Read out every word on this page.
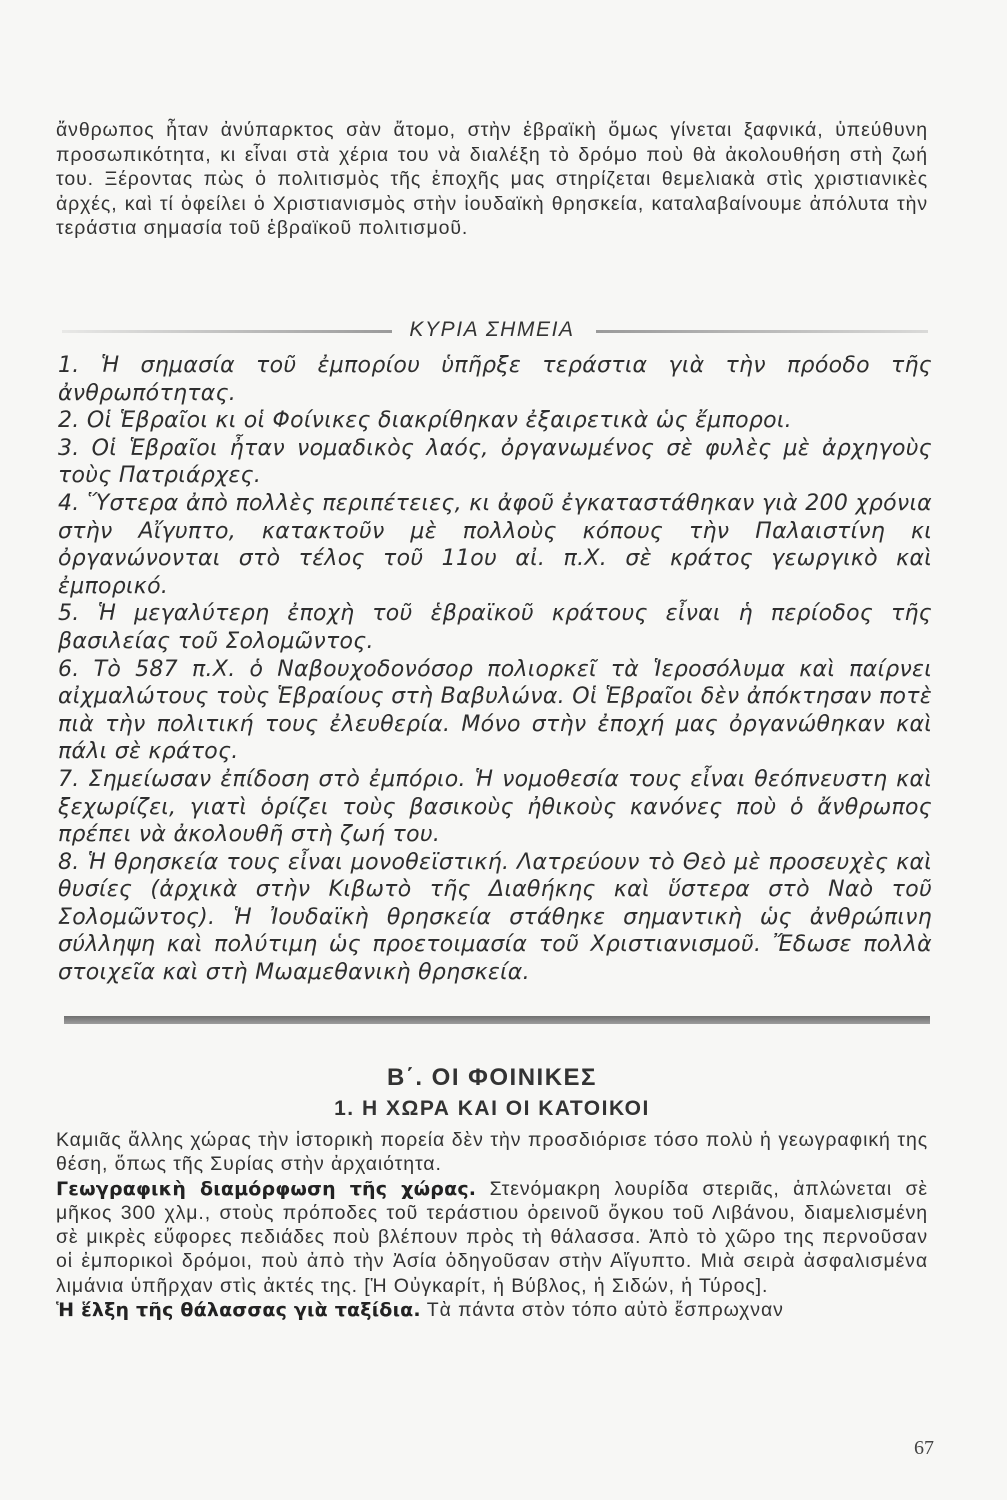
ἄνθρωπος ἦταν ἀνύπαρκτος σὰν ἄτομο, στὴν ἑβραϊκὴ ὅμως γίνεται ξαφνικά, ὑπεύθυνη προσωπικότητα, κι εἶναι στὰ χέρια του νὰ διαλέξη τὸ δρόμο ποὺ θὰ ἀκολουθήση στὴ ζωή του. Ξέροντας πὼς ὁ πολιτισμὸς τῆς ἐποχῆς μας στηρίζεται θεμελιακὰ στὶς χριστιανικὲς ἀρχές, καὶ τί ὀφείλει ὁ Χριστιανισμὸς στὴν ἰουδαϊκὴ θρησκεία, καταλαβαίνουμε ἀπόλυτα τὴν τεράστια σημασία τοῦ ἑβραϊκοῦ πολιτισμοῦ.

ΚΥΡΙΑ ΣΗΜΕΙΑ
1. Ἡ σημασία τοῦ ἐμπορίου ὑπῆρξε τεράστια γιὰ τὴν πρόοδο τῆς ἀνθρωπότητας.
2. Οἱ Ἑβραῖοι κι οἱ Φοίνικες διακρίθηκαν ἐξαιρετικὰ ὡς ἔμποροι.
3. Οἱ Ἑβραῖοι ἦταν νομαδικὸς λαός, ὀργανωμένος σὲ φυλὲς μὲ ἀρχηγοὺς τοὺς Πατριάρχες.
4. Ὕστερα ἀπὸ πολλὲς περιπέτειες, κι ἀφοῦ ἐγκαταστάθηκαν γιὰ 200 χρόνια στὴν Αἴγυπτο, κατακτοῦν μὲ πολλοὺς κόπους τὴν Παλαιστίνη κι ὀργανώνονται στὸ τέλος τοῦ 11ου αἰ. π.Χ. σὲ κράτος γεωργικὸ καὶ ἐμπορικό.
5. Ἡ μεγαλύτερη ἐποχὴ τοῦ ἑβραϊκοῦ κράτους εἶναι ἡ περίοδος τῆς βασιλείας τοῦ Σολομῶντος.
6. Τὸ 587 π.Χ. ὁ Ναβουχοδονόσορ πολιορκεῖ τὰ Ἱεροσόλυμα καὶ παίρνει αἰχμαλώτους τοὺς Ἑβραίους στὴ Βαβυλώνα. Οἱ Ἑβραῖοι δὲν ἀπόκτησαν ποτὲ πιὰ τὴν πολιτική τους ἐλευθερία. Μόνο στὴν ἐποχή μας ὀργανώθηκαν καὶ πάλι σὲ κράτος.
7. Σημείωσαν ἐπίδοση στὸ ἐμπόριο. Ἡ νομοθεσία τους εἶναι θεόπνευστη καὶ ξεχωρίζει, γιατὶ ὁρίζει τοὺς βασικοὺς ἠθικοὺς κανόνες ποὺ ὁ ἄνθρωπος πρέπει νὰ ἀκολουθῆ στὴ ζωή του.
8. Ἡ θρησκεία τους εἶναι μονοθεϊστική. Λατρεύουν τὸ Θεὸ μὲ προσευχὲς καὶ θυσίες (ἀρχικὰ στὴν Κιβωτὸ τῆς Διαθήκης καὶ ὕστερα στὸ Ναὸ τοῦ Σολομῶντος). Ἡ Ἰουδαϊκὴ θρησκεία στάθηκε σημαντικὴ ὡς ἀνθρώπινη σύλληψη καὶ πολύτιμη ὡς προετοιμασία τοῦ Χριστιανισμοῦ. Ἔδωσε πολλὰ στοιχεῖα καὶ στὴ Μωαμεθανικὴ θρησκεία.
Β΄. ΟΙ ΦΟΙΝΙΚΕΣ
1. Η ΧΩΡΑ ΚΑΙ ΟΙ ΚΑΤΟΙΚΟΙ
Καμιᾶς ἄλλης χώρας τὴν ἱστορικὴ πορεία δὲν τὴν προσδιόρισε τόσο πολὺ ἡ γεωγραφική της θέση, ὅπως τῆς Συρίας στὴν ἀρχαιότητα.
Γεωγραφικὴ διαμόρφωση τῆς χώρας. Στενόμακρη λουρίδα στεριᾶς, ἁπλώνεται σὲ μῆκος 300 χλμ., στοὺς πρόποδες τοῦ τεράστιου ὀρεινοῦ ὄγκου τοῦ Λιβάνου, διαμελισμένη σὲ μικρὲς εὔφορες πεδιάδες ποὺ βλέπουν πρὸς τὴ θάλασσα. Ἀπὸ τὸ χῶρο της περνοῦσαν οἱ ἐμπορικοὶ δρόμοι, ποὺ ἀπὸ τὴν Ἀσία ὁδηγοῦσαν στὴν Αἴγυπτο. Μιὰ σειρὰ ἀσφαλισμένα λιμάνια ὑπῆρχαν στὶς ἀκτές της. [Ἡ Οὐγκαρίτ, ἡ Βύβλος, ἡ Σιδών, ἡ Τύρος].
Ἡ ἕλξη τῆς θάλασσας γιὰ ταξίδια. Τὰ πάντα στὸν τόπο αὐτὸ ἔσπρωχναν
67
